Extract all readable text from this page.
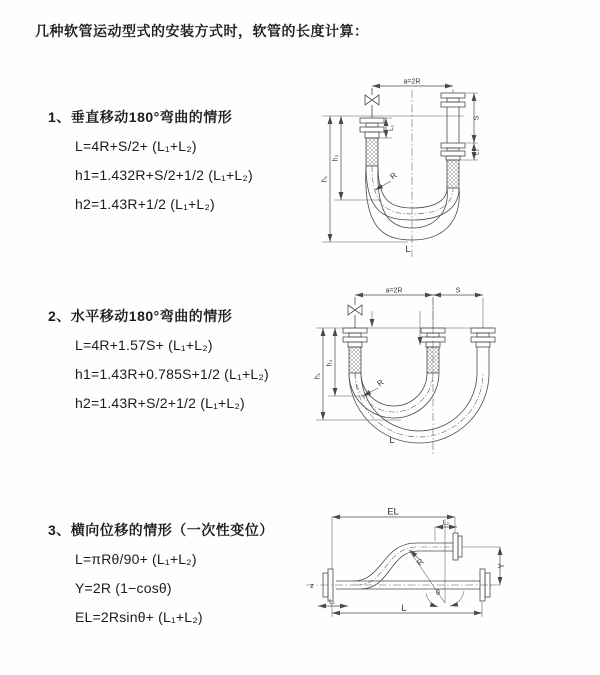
几种软管运动型式的安装方式时，软管的长度计算：
1、垂直移动180°弯曲的情形
L=4R+S/2+ (L₁+L₂)
h1=1.432R+S/2+1/2 (L₁+L₂)
h2=1.43R+1/2 (L₁+L₂)
a=2R
L₁
S
L₂
h₁
h₂
R
L
2、水平移动180°弯曲的情形
L=4R+1.57S+ (L₁+L₂)
h1=1.43R+0.785S+1/2 (L₁+L₂)
h2=1.43R+S/2+1/2 (L₁+L₂)
a=2R	S
h₁
h₂
R
L
3、横向位移的情形（一次性变位）
L=πRθ/90+ (L₁+L₂)
Y=2R (1−cosθ)
EL=2Rsinθ+ (L₁+L₂)
EL
L₂
Y
R
θ
L
L₁
z
